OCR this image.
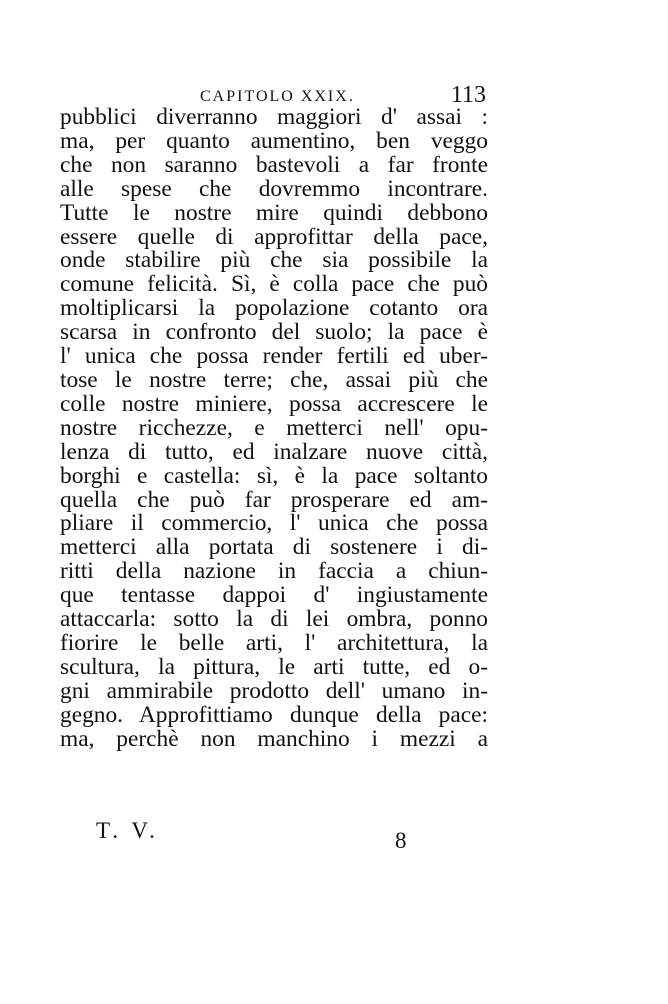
CAPITOLO XXIX.	113
pubblici diverranno maggiori d' assai :
ma, per quanto aumentino, ben veggo
che non saranno bastevoli a far fronte
alle spese che dovremmo incontrare.
Tutte le nostre mire quindi debbono
essere quelle di approfittar della pace,
onde stabilire più che sia possibile la
comune felicità. Sì, è colla pace che può
moltiplicarsi la popolazione cotanto ora
scarsa in confronto del suolo; la pace è
l' unica che possa render fertili ed uber-
tose le nostre terre; che, assai più che
colle nostre miniere, possa accrescere le
nostre ricchezze, e metterci nell' opu-
lenza di tutto, ed inalzare nuove città,
borghi e castella: sì, è la pace soltanto
quella che può far prosperare ed am-
pliare il commercio, l' unica che possa
metterci alla portata di sostenere i di-
ritti della nazione in faccia a chiun-
que tentasse dappoi d' ingiustamente
attaccarla: sotto la di lei ombra, ponno
fiorire le belle arti, l' architettura, la
scultura, la pittura, le arti tutte, ed o-
gni ammirabile prodotto dell' umano in-
gegno. Approfittiamo dunque della pace:
ma, perchè non manchino i mezzi a
T. V.	8
